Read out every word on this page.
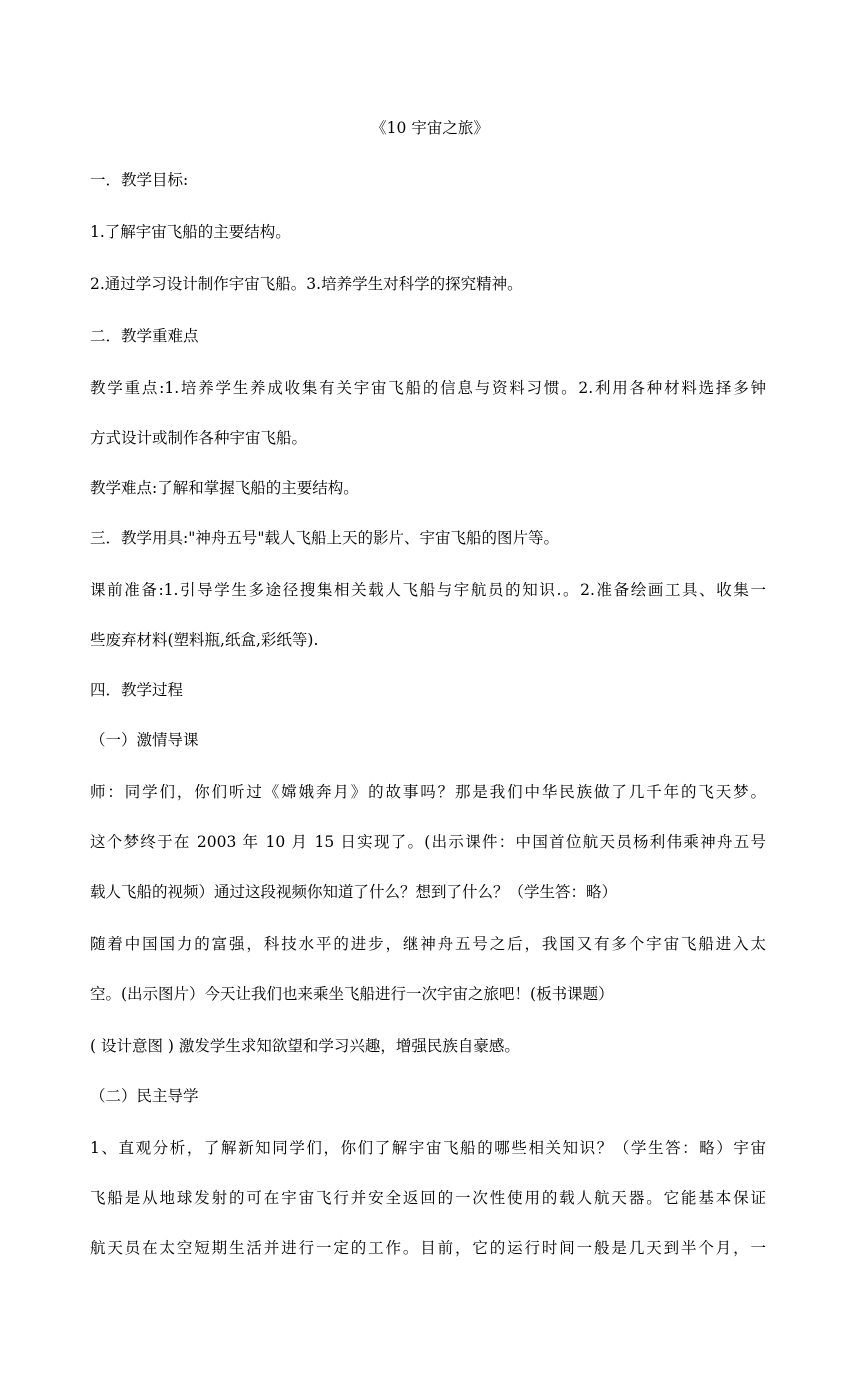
《10 宇宙之旅》
一．教学目标:
1.了解宇宙飞船的主要结构。
2.通过学习设计制作宇宙飞船。3.培养学生对科学的探究精神。
二．教学重难点
教学重点:1.培养学生养成收集有关宇宙飞船的信息与资料习惯。2.利用各种材料选择多钟
方式设计或制作各种宇宙飞船。
教学难点:了解和掌握飞船的主要结构。
三．教学用具:"神舟五号"载人飞船上天的影片、宇宙飞船的图片等。
课前准备:1.引导学生多途径搜集相关载人飞船与宇航员的知识.。2.准备绘画工具、收集一
些废弃材料(塑料瓶,纸盒,彩纸等).
四．教学过程
（一）激情导课
师：同学们，你们听过《嫦娥奔月》的故事吗？那是我们中华民族做了几千年的飞天梦。
这个梦终于在 2003 年 10 月 15 日实现了。(出示课件：中国首位航天员杨利伟乘神舟五号
载人飞船的视频）通过这段视频你知道了什么？想到了什么？（学生答：略）
随着中国国力的富强，科技水平的进步，继神舟五号之后，我国又有多个宇宙飞船进入太
空。(出示图片）今天让我们也来乘坐飞船进行一次宇宙之旅吧！(板书课题）
( 设计意图 ) 激发学生求知欲望和学习兴趣，增强民族自豪感。
（二）民主导学
1、直观分析，了解新知同学们，你们了解宇宙飞船的哪些相关知识？（学生答：略）宇宙
飞船是从地球发射的可在宇宙飞行并安全返回的一次性使用的载人航天器。它能基本保证
航天员在太空短期生活并进行一定的工作。目前，它的运行时间一般是几天到半个月，一
